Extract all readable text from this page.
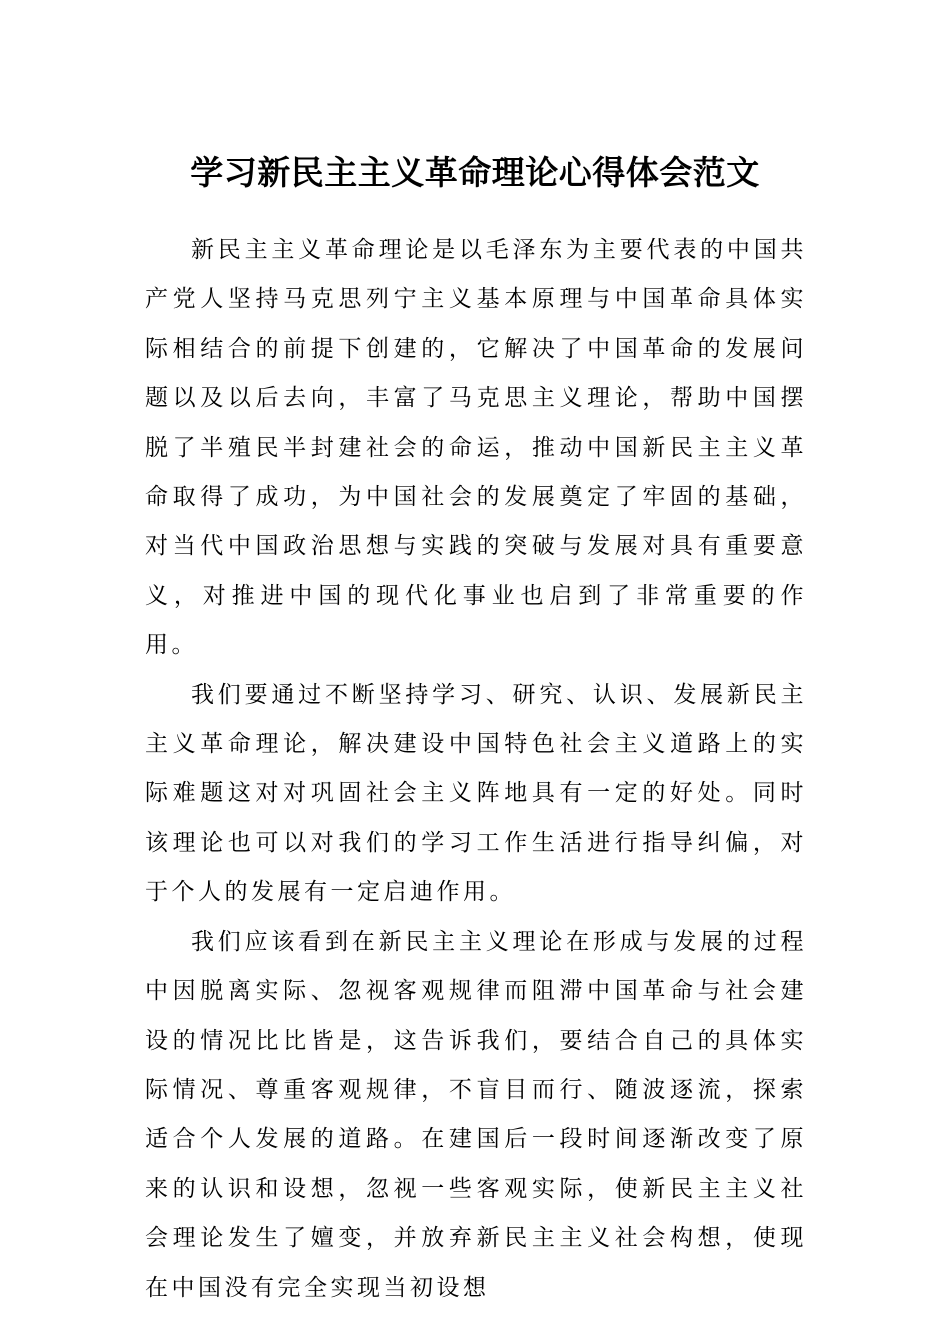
学习新民主主义革命理论心得体会范文

新民主主义革命理论是以毛泽东为主要代表的中国共产党人坚持马克思列宁主义基本原理与中国革命具体实际相结合的前提下创建的，它解决了中国革命的发展问题以及以后去向，丰富了马克思主义理论，帮助中国摆脱了半殖民半封建社会的命运，推动中国新民主主义革命取得了成功，为中国社会的发展奠定了牢固的基础，对当代中国政治思想与实践的突破与发展对具有重要意义，对推进中国的现代化事业也启到了非常重要的作用。

我们要通过不断坚持学习、研究、认识、发展新民主主义革命理论，解决建设中国特色社会主义道路上的实际难题这对对巩固社会主义阵地具有一定的好处。同时该理论也可以对我们的学习工作生活进行指导纠偏，对于个人的发展有一定启迪作用。

我们应该看到在新民主主义理论在形成与发展的过程中因脱离实际、忽视客观规律而阻滞中国革命与社会建设的情况比比皆是，这告诉我们，要结合自己的具体实际情况、尊重客观规律，不盲目而行、随波逐流，探索适合个人发展的道路。在建国后一段时间逐渐改变了原来的认识和设想，忽视一些客观实际，使新民主主义社会理论发生了嬗变，并放弃新民主主义社会构想，使现在中国没有完全实现当初设想
